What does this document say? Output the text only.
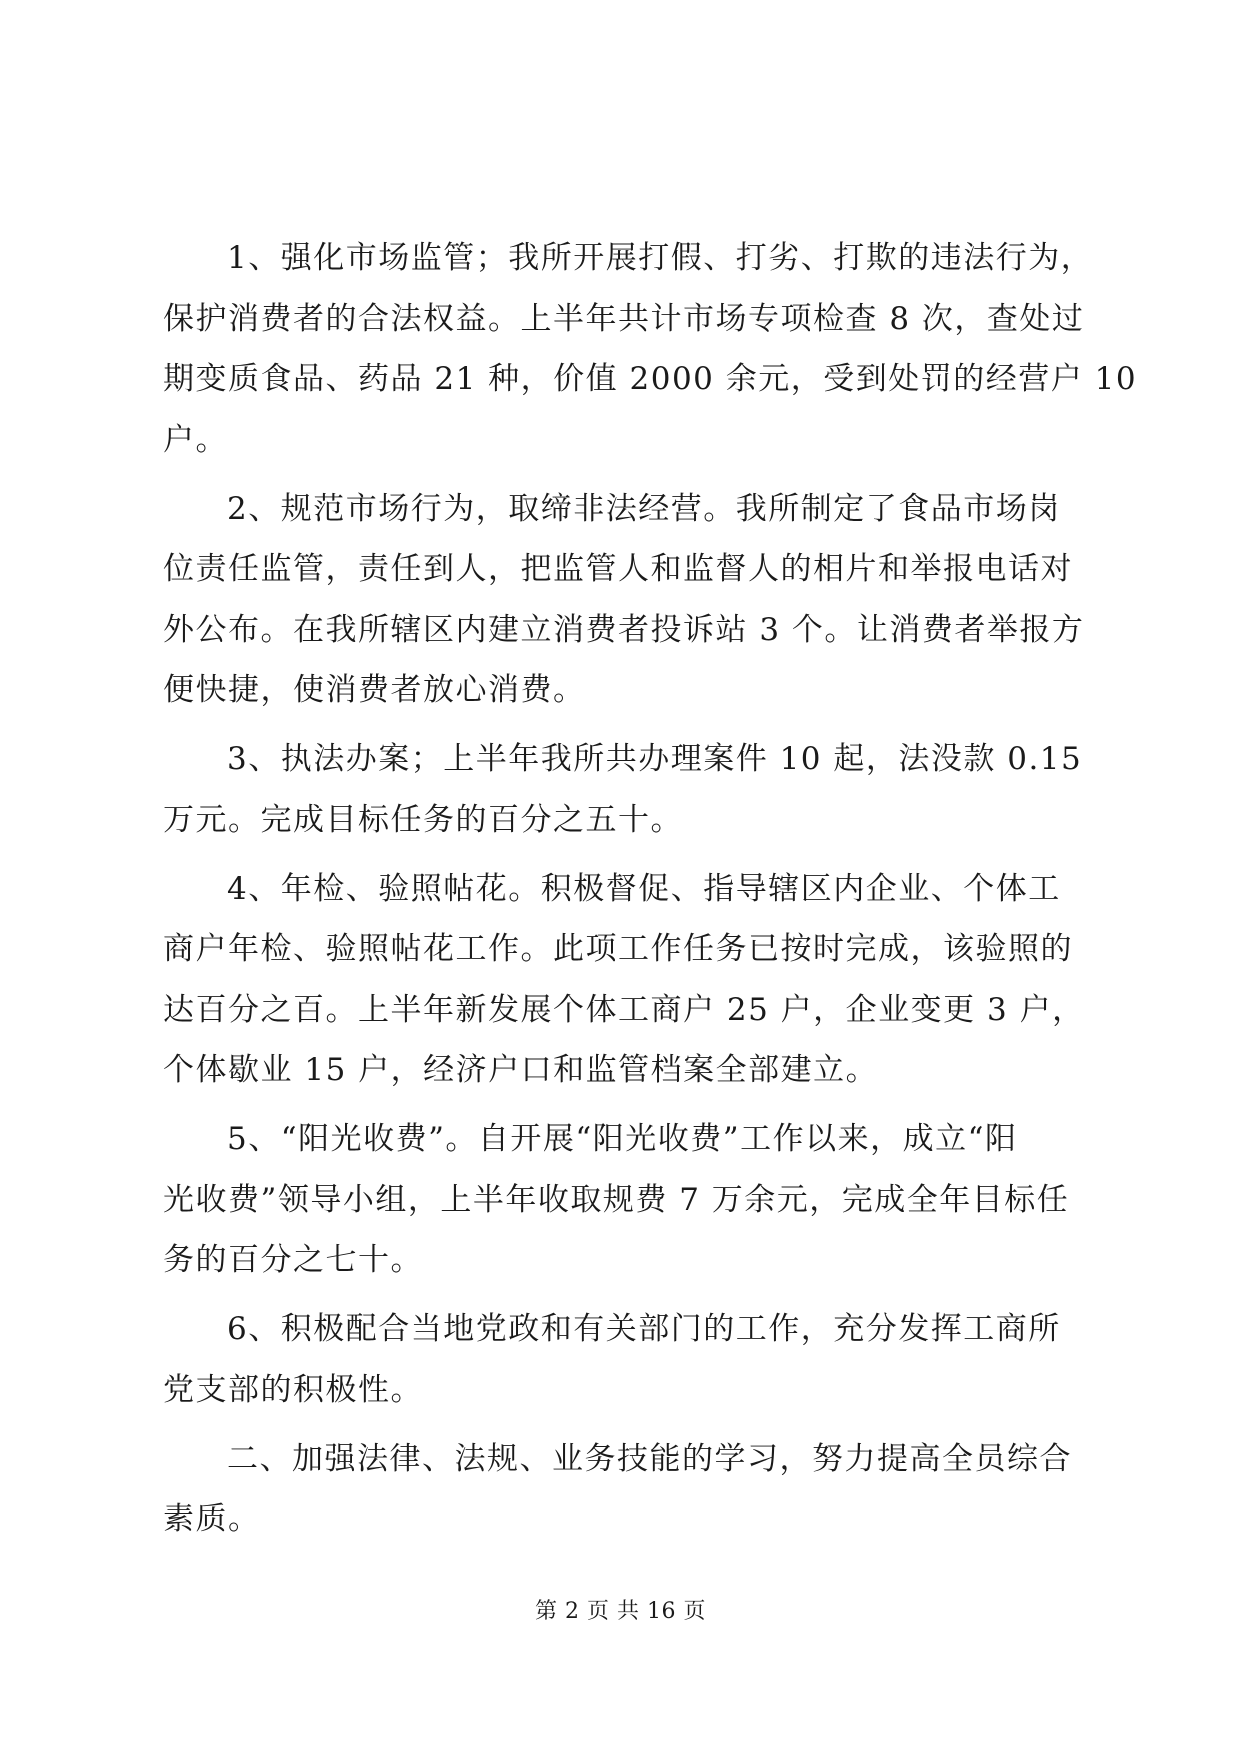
1、强化市场监管；我所开展打假、打劣、打欺的违法行为，
保护消费者的合法权益。上半年共计市场专项检查 8 次，查处过
期变质食品、药品 21 种，价值 2000 余元，受到处罚的经营户 10
户。
2、规范市场行为，取缔非法经营。我所制定了食品市场岗
位责任监管，责任到人，把监管人和监督人的相片和举报电话对
外公布。在我所辖区内建立消费者投诉站 3 个。让消费者举报方
便快捷，使消费者放心消费。
3、执法办案；上半年我所共办理案件 10 起，法没款 0.15
万元。完成目标任务的百分之五十。
4、年检、验照帖花。积极督促、指导辖区内企业、个体工
商户年检、验照帖花工作。此项工作任务已按时完成，该验照的
达百分之百。上半年新发展个体工商户 25 户，企业变更 3 户，
个体歇业 15 户，经济户口和监管档案全部建立。
5、“阳光收费”。自开展“阳光收费”工作以来，成立“阳
光收费”领导小组，上半年收取规费 7 万余元，完成全年目标任
务的百分之七十。
6、积极配合当地党政和有关部门的工作，充分发挥工商所
党支部的积极性。
二、加强法律、法规、业务技能的学习，努力提高全员综合
素质。
第 2 页 共 16 页
